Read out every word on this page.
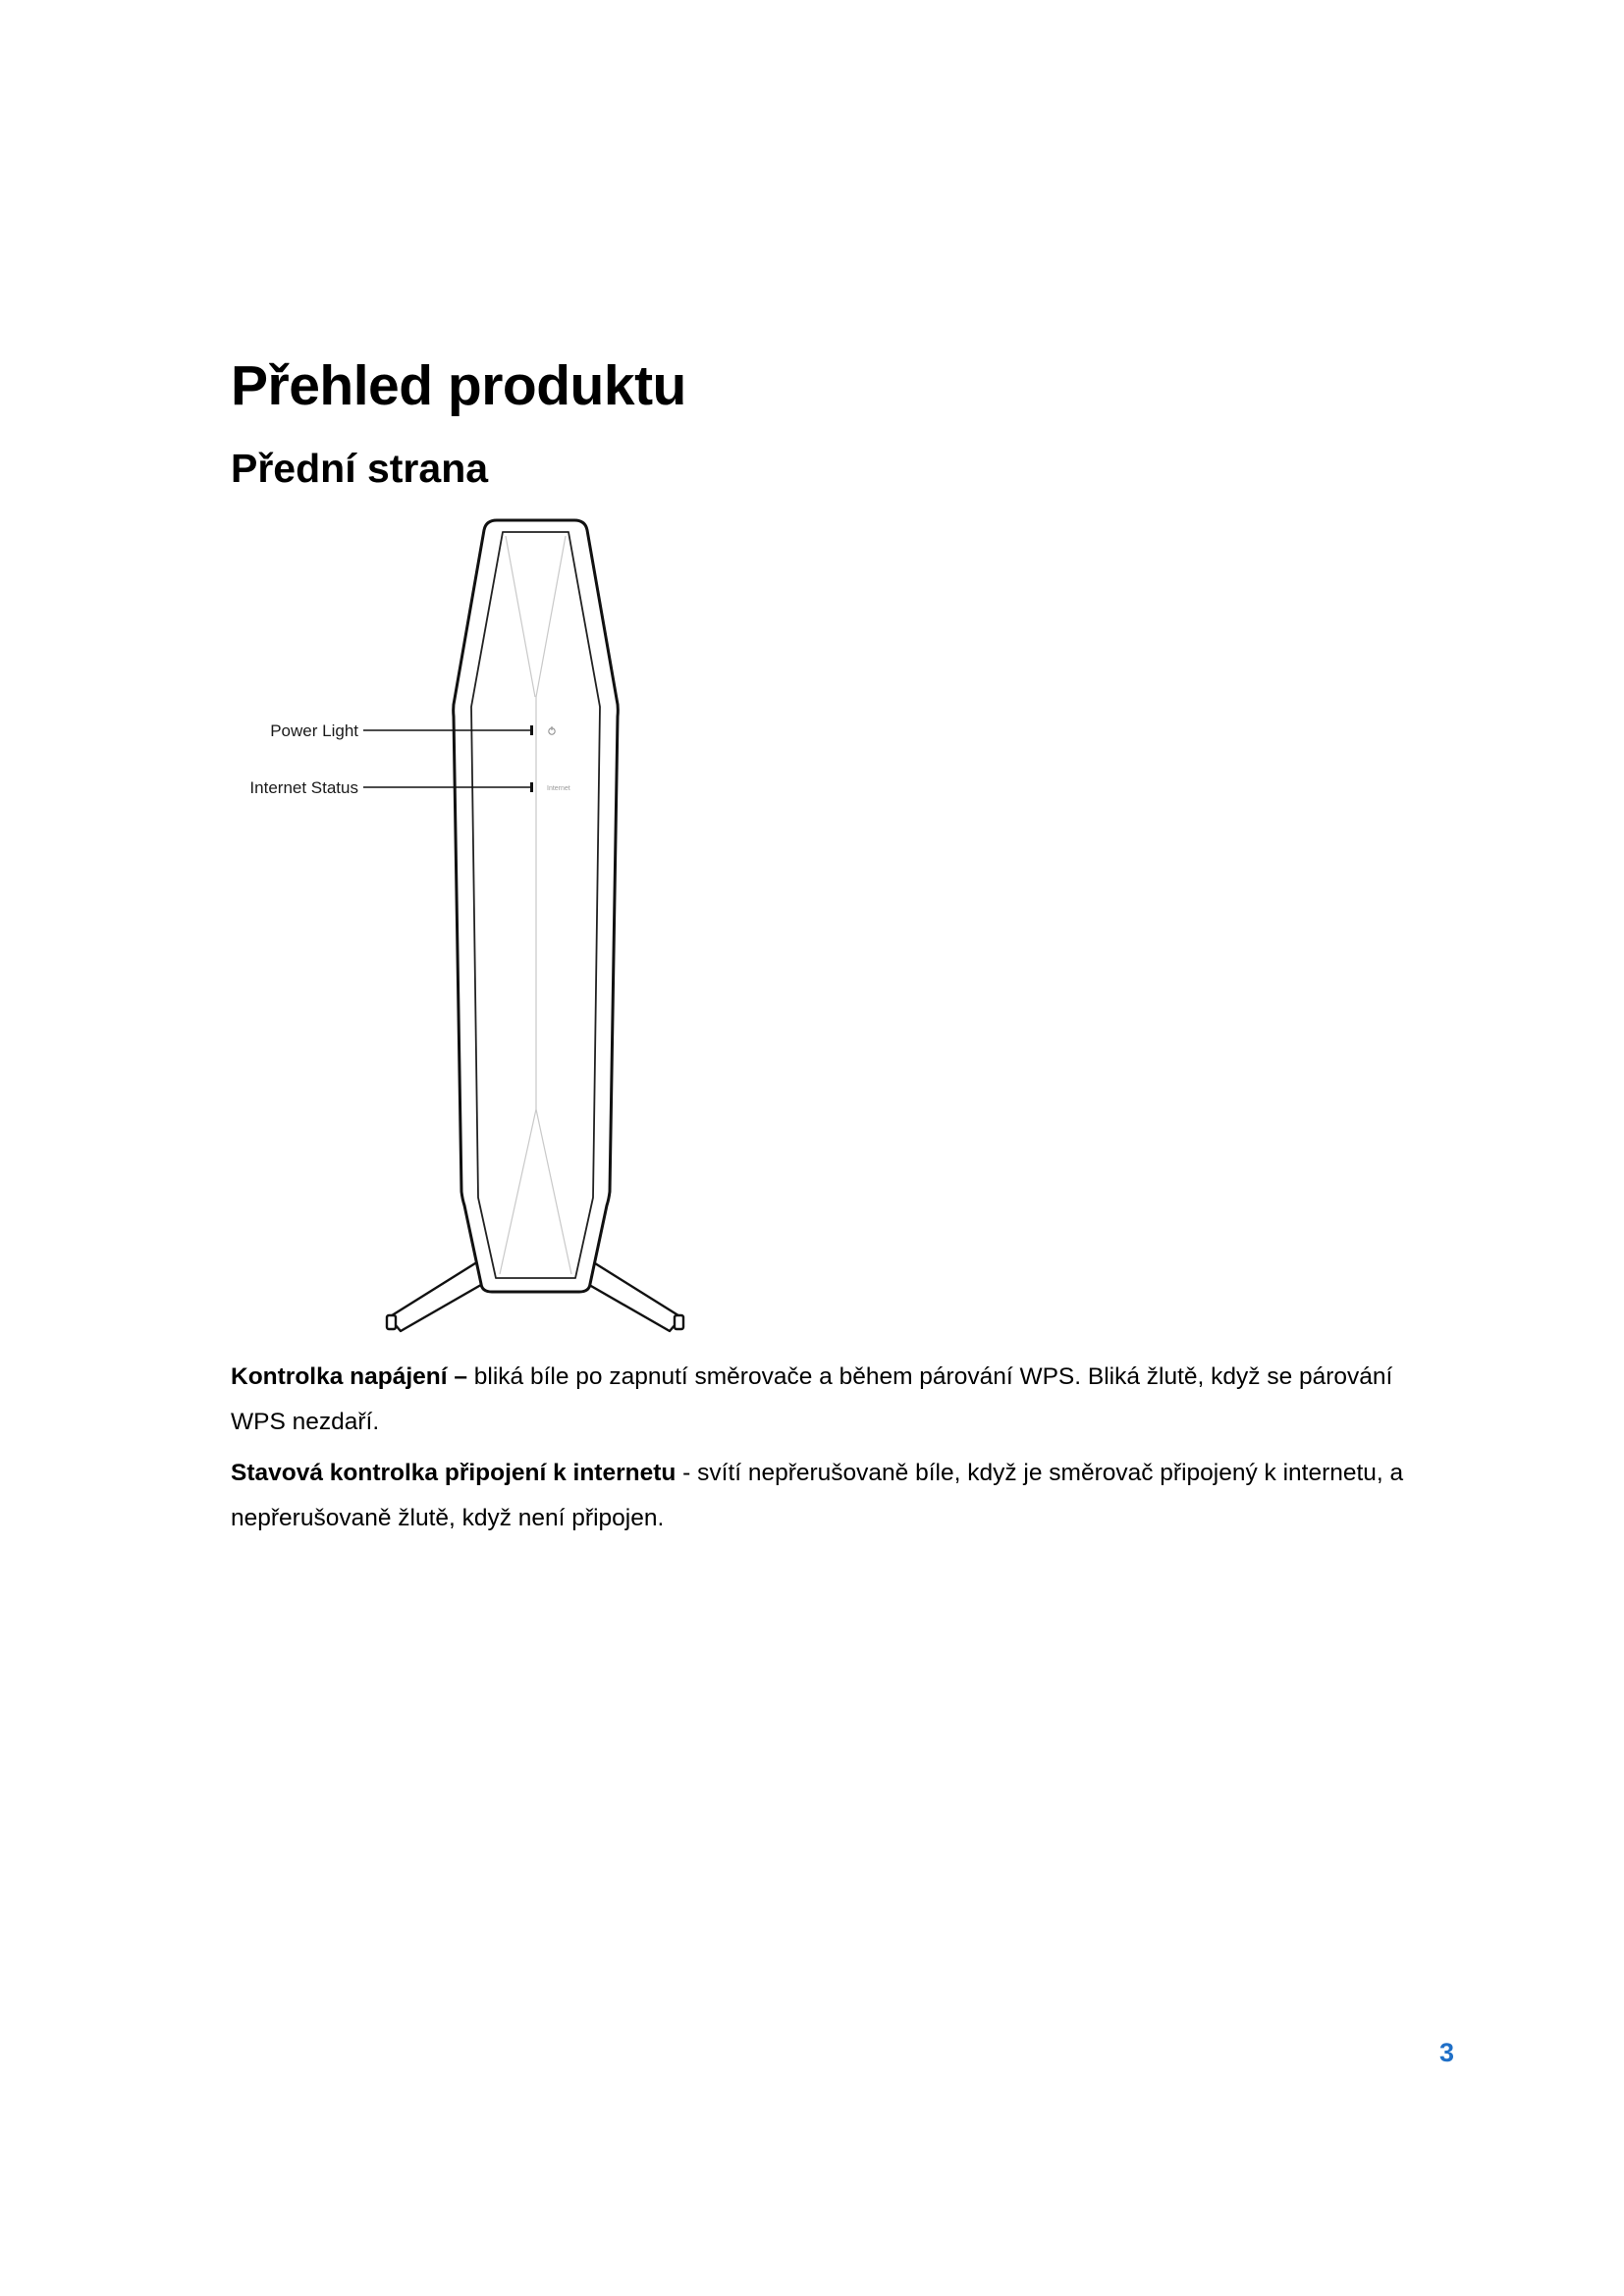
Přehled produktu
Přední strana
Internet
Power Light
Internet Status

Kontrolka napájení – bliká bíle po zapnutí směrovače a během párování WPS. Bliká žlutě, když se párování WPS nezdaří.

Stavová kontrolka připojení k internetu - svítí nepřerušovaně bíle, když je směrovač připojený k internetu, a nepřerušovaně žlutě, když není připojen.

3
